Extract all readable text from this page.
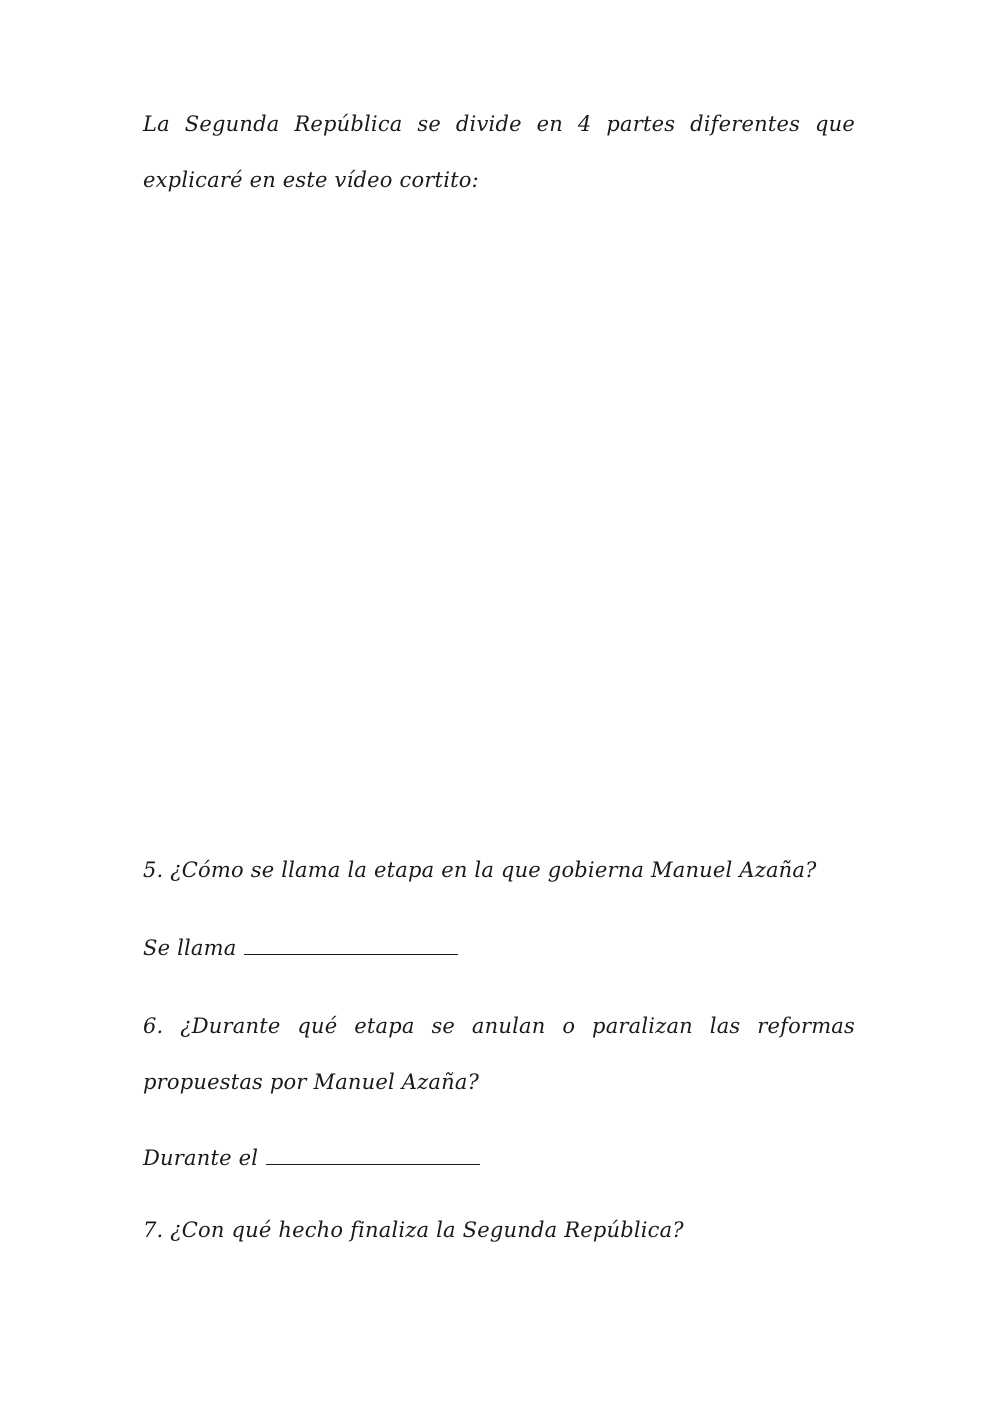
La Segunda República se divide en 4 partes diferentes que explicaré en este vídeo cortito:

5. ¿Cómo se llama la etapa en la que gobierna Manuel Azaña?

Se llama

6. ¿Durante qué etapa se anulan o paralizan las reformas propuestas por Manuel Azaña?

Durante el

7. ¿Con qué hecho finaliza la Segunda República?
